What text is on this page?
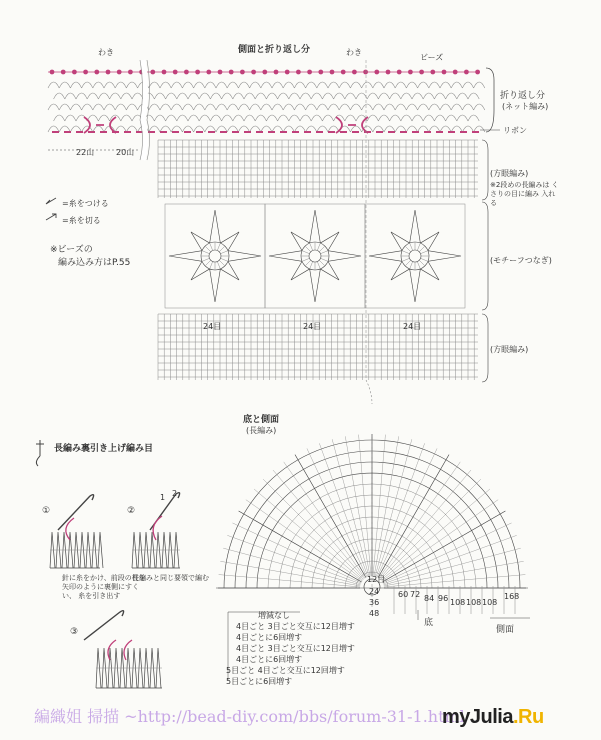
側面と折り返し分
わき	わき
ビーズ
折り返し分
(ネット編み)
リボン
(方眼編み)
※2段めの長編みは くさりの目に編み 入れる
(モチーフつなぎ)
(方眼編み)
22山	20山
=糸をつける
=糸を切る
※ビーズの
編み込み方はP.55
24目	24目	24目
底と側面
(長編み)
12目
24
36
48
60 72 84 96 108 108 108
168
底
側面
増減なし
4目ごと 3目ごと交互に12目増す
4目ごとに6回増す
4目ごと 3目ごと交互に12目増す
4目ごとに6回増す
5目ごと 4目ごと交互に12回増す
5目ごとに6回増す
長編み裏引き上げ編み目
①	②
③
針に糸をかけ、前段の柱を 矢印のように裏側にすくい、 糸を引き出す
長編みと同じ要領で編む
1 2
編織姐 掃描 ~http://bead-diy.com/bbs/forum-31-1.html
myJulia.Ru
